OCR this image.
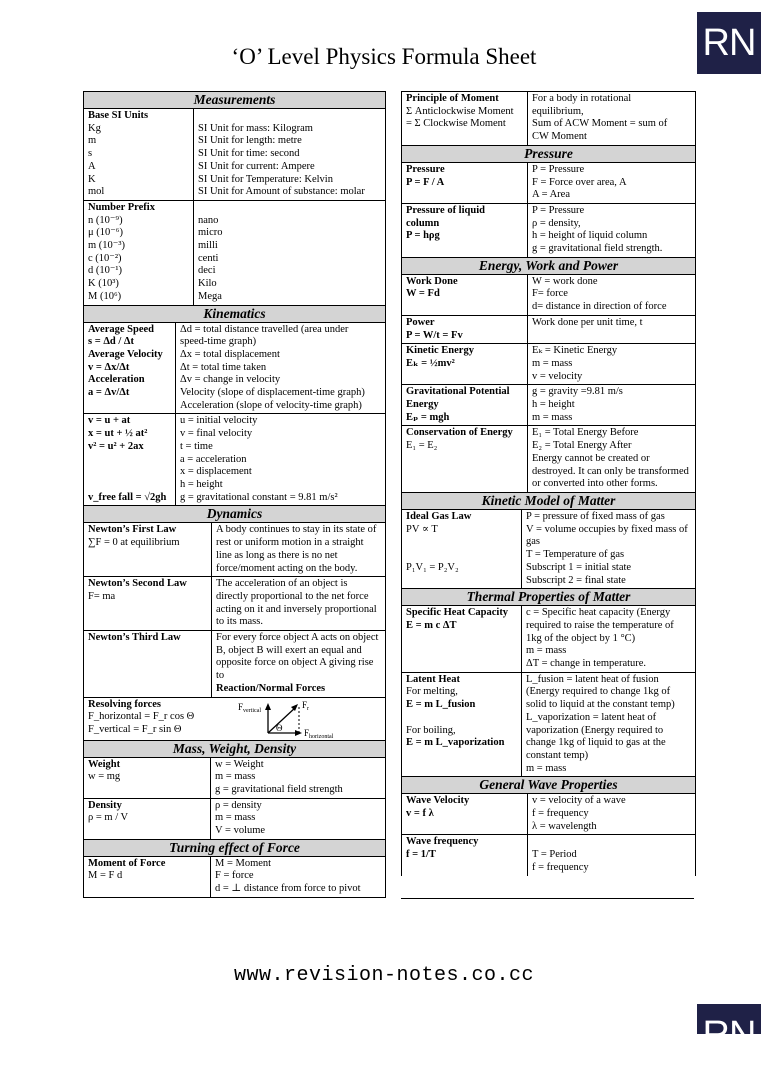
RN
‘O’ Level Physics Formula Sheet
Measurements
Base SI Units
Kg
m
s
A
K
mol

SI Unit for mass: Kilogram
SI Unit for length: metre
SI Unit for time: second
SI Unit for current: Ampere
SI Unit for Temperature: Kelvin
SI Unit for Amount of substance: molar
Number Prefix
n (10⁻⁹)
μ (10⁻⁶)
m (10⁻³)
c (10⁻²)
d (10⁻¹)
K (10³)
M (10⁶)

nano
micro
milli
centi
deci
Kilo
Mega
Kinematics
Average Speed
s = Δd / Δt
Average Velocity
v = Δx/Δt
Acceleration
a = Δv/Δt
Δd = total distance travelled (area under
speed-time graph)
Δx = total displacement
Δt = total time taken
Δv = change in velocity
Velocity (slope of displacement-time graph)
Acceleration (slope of velocity-time graph)
v = u + at
x = ut + ½ at²
v² = u² + 2ax

v_free fall = √2gh
u = initial velocity
v = final velocity
t = time
a = acceleration
x = displacement
h = height
g = gravitational constant = 9.81 m/s²
Dynamics
Newton’s First Law
∑F = 0 at equilibrium
A body continues to stay in its state of rest or uniform motion in a straight line as long as there is no net force/moment acting on the body.
Newton’s Second Law
F= ma
The acceleration of an object is directly proportional to the net force acting on it and inversely proportional to its mass.
Newton’s Third Law	For every force object A acts on object B, object B will exert an equal and opposite force on object A giving rise to
Reaction/Normal Forces
Resolving forces
F_horizontal = F_r cos Θ
F_vertical = F_r sin Θ
$F_{vertical}$
$F_r$
$F_{horizontal}$
Θ
Mass, Weight, Density
Weight
w = mg
w = Weight
m = mass
g = gravitational field strength
Density
ρ = m / V
ρ = density
m = mass
V = volume
Turning effect of Force
Moment of Force
M = F d
M = Moment
F = force
d = ⊥ distance from force to pivot
Principle of Moment
Σ Anticlockwise Moment
= Σ Clockwise Moment
For a body in rotational
equilibrium,
Sum of ACW Moment = sum of
CW Moment
Pressure
Pressure
P = F / A
P = Pressure
F = Force over area, A
A = Area
Pressure of liquid
column
P = hρg
P = Pressure
ρ = density,
h = height of liquid column
g = gravitational field strength.
Energy, Work and Power
Work Done
W = Fd
W = work done
F= force
d= distance in direction of force
Power
P = W/t = Fv
Work done per unit time, t
Kinetic Energy
Eₖ = ½mv²
Eₖ = Kinetic Energy
m = mass
v = velocity
Gravitational Potential
Energy
Eₚ = mgh
g = gravity =9.81 m/s
h = height
m = mass
Conservation of Energy
E₁ = E₂
E₁ = Total Energy Before
E₂ = Total Energy After
Energy cannot be created or destroyed. It can only be transformed or converted into other forms.
Kinetic Model of Matter
Ideal Gas Law
PV ∝ T

P₁V₁ = P₂V₂
P = pressure of fixed mass of gas
V = volume occupies by fixed mass of gas
T = Temperature of gas
Subscript 1 = initial state
Subscript 2 = final state
Thermal Properties of Matter
Specific Heat Capacity
E = m c ΔT
c = Specific heat capacity (Energy required to raise the temperature of 1kg of the object by 1 °C)
m = mass
ΔT = change in temperature.
Latent Heat
For melting,
E = m L_fusion

For boiling,
E = m L_vaporization
L_fusion = latent heat of fusion (Energy required to change 1kg of solid to liquid at the constant temp)
L_vaporization = latent heat of vaporization (Energy required to change 1kg of liquid to gas at the constant temp)
m = mass
General Wave Properties
Wave Velocity
v = f λ
v = velocity of a wave
f = frequency
λ = wavelength
Wave frequency
f = 1/T
	T = Period
f = frequency
www.revision-notes.co.cc
RN
